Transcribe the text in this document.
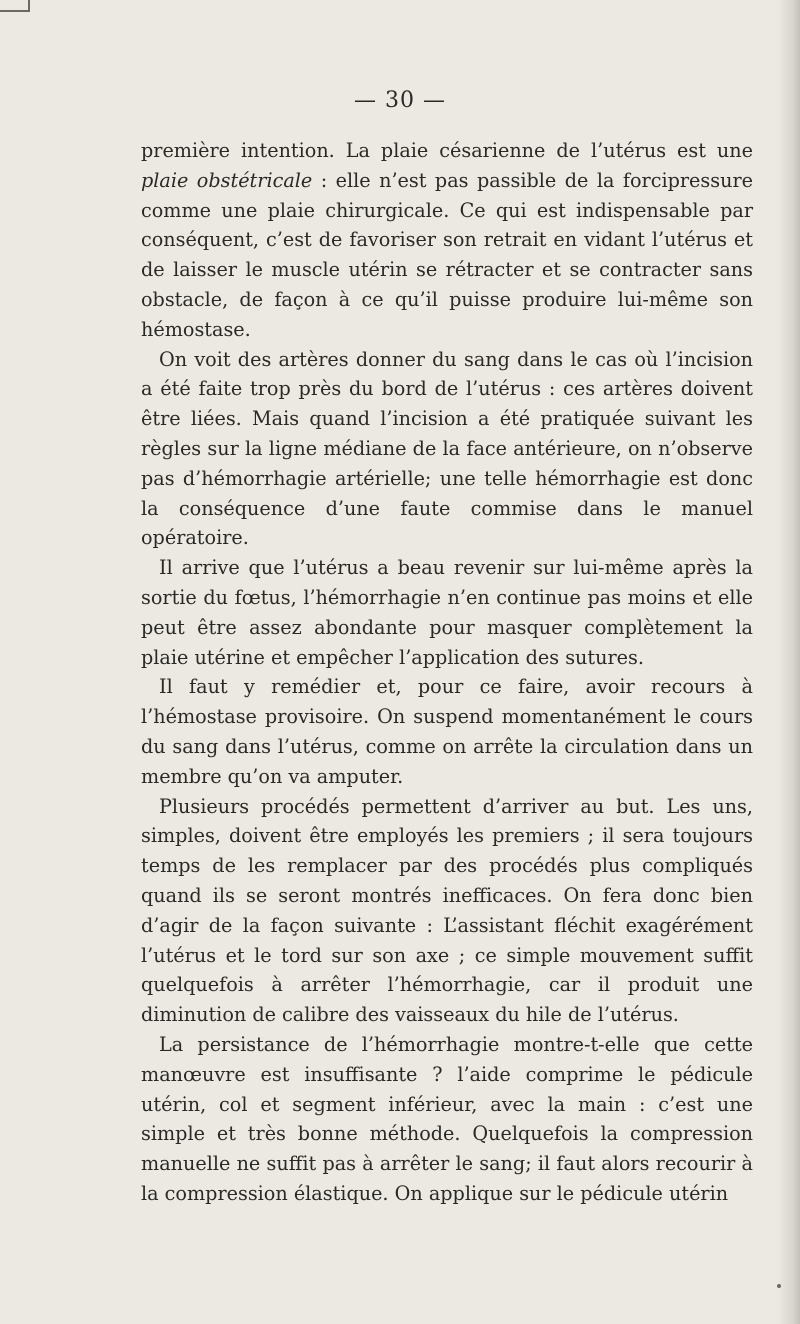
— 30 —

première intention. La plaie césarienne de l’utérus est une plaie obstétricale : elle n’est pas passible de la forcipressure comme une plaie chirurgicale. Ce qui est indispensable par conséquent, c’est de favoriser son retrait en vidant l’utérus et de laisser le muscle utérin se rétracter et se contracter sans obstacle, de façon à ce qu’il puisse produire lui-même son hémostase.

On voit des artères donner du sang dans le cas où l’incision a été faite trop près du bord de l’utérus : ces artères doivent être liées. Mais quand l’incision a été pratiquée suivant les règles sur la ligne médiane de la face antérieure, on n’observe pas d’hémorrhagie artérielle; une telle hémorrhagie est donc la conséquence d’une faute commise dans le manuel opératoire.

Il arrive que l’utérus a beau revenir sur lui-même après la sortie du fœtus, l’hémorrhagie n’en continue pas moins et elle peut être assez abondante pour masquer complètement la plaie utérine et empêcher l’application des sutures.

Il faut y remédier et, pour ce faire, avoir recours à l’hémostase provisoire. On suspend momentanément le cours du sang dans l’utérus, comme on arrête la circulation dans un membre qu’on va amputer.

Plusieurs procédés permettent d’arriver au but. Les uns, simples, doivent être employés les premiers ; il sera toujours temps de les remplacer par des procédés plus compliqués quand ils se seront montrés inefficaces. On fera donc bien d’agir de la façon suivante : L’assistant fléchit exagérément l’utérus et le tord sur son axe ; ce simple mouvement suffit quelquefois à arrêter l’hémorrhagie, car il produit une diminution de calibre des vaisseaux du hile de l’utérus.

La persistance de l’hémorrhagie montre-t-elle que cette manœuvre est insuffisante ? l’aide comprime le pédicule utérin, col et segment inférieur, avec la main : c’est une simple et très bonne méthode. Quelquefois la compression manuelle ne suffit pas à arrêter le sang; il faut alors recourir à la compression élastique. On applique sur le pédicule utérin
